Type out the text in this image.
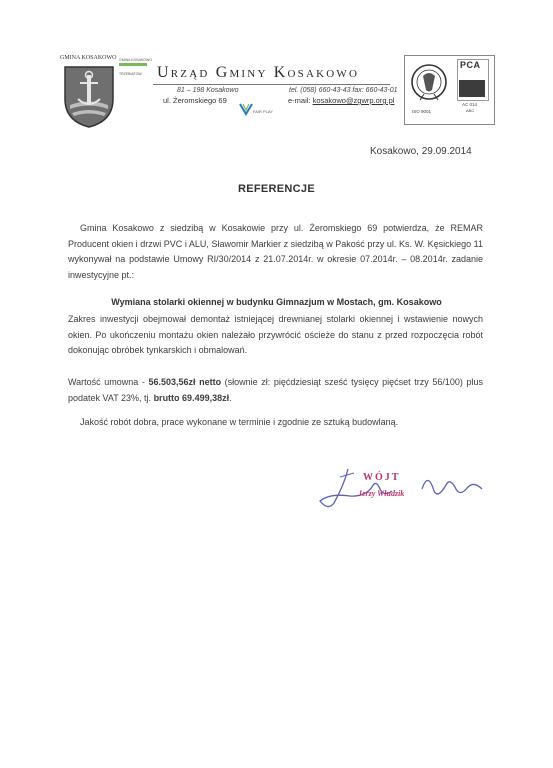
GMINA KOSAKOWO GMINA KOSAKOWO
TRZEBIATOW Urząd Gminy Kosakowo
81 – 198 Kosakowo
ul. Żeromskiego 69
tel. (058) 660-43-43 fax: 660-43-01
e-mail: kosakowo@zgwrp.org.pl
FAIR PLAY	ISO 9001
PCA
AC 014
ABC
Kosakowo, 29.09.2014
REFERENCJE
Gmina Kosakowo z siedzibą w Kosakowie przy ul. Żeromskiego 69 potwierdza, że REMAR Producent okien i drzwi PVC i ALU, Sławomir Markier z siedzibą w Pakość przy ul. Ks. W. Kęsickiego 11 wykonywał na podstawie Umowy RI/30/2014 z 21.07.2014r. w okresie 07.2014r. – 08.2014r. zadanie inwestycyjne pt.:
Wymiana stolarki okiennej w budynku Gimnazjum w Mostach, gm. Kosakowo
Zakres inwestycji obejmował demontaż istniejącej drewnianej stolarki okiennej i wstawienie nowych okien. Po ukończeniu montażu okien należało przywrócić ościeże do stanu z przed rozpoczęcia robót dokonując obróbek tynkarskich i obmalowań.
Wartość umowna - 56.503,56zł netto (słownie zł: pięćdziesiąt sześć tysięcy pięćset trzy 56/100) plus podatek VAT 23%, tj. brutto 69.499,38zł.
Jakość robót dobra, prace wykonane w terminie i zgodnie ze sztuką budowlaną.
WÓJT
Jerzy Włudzik
